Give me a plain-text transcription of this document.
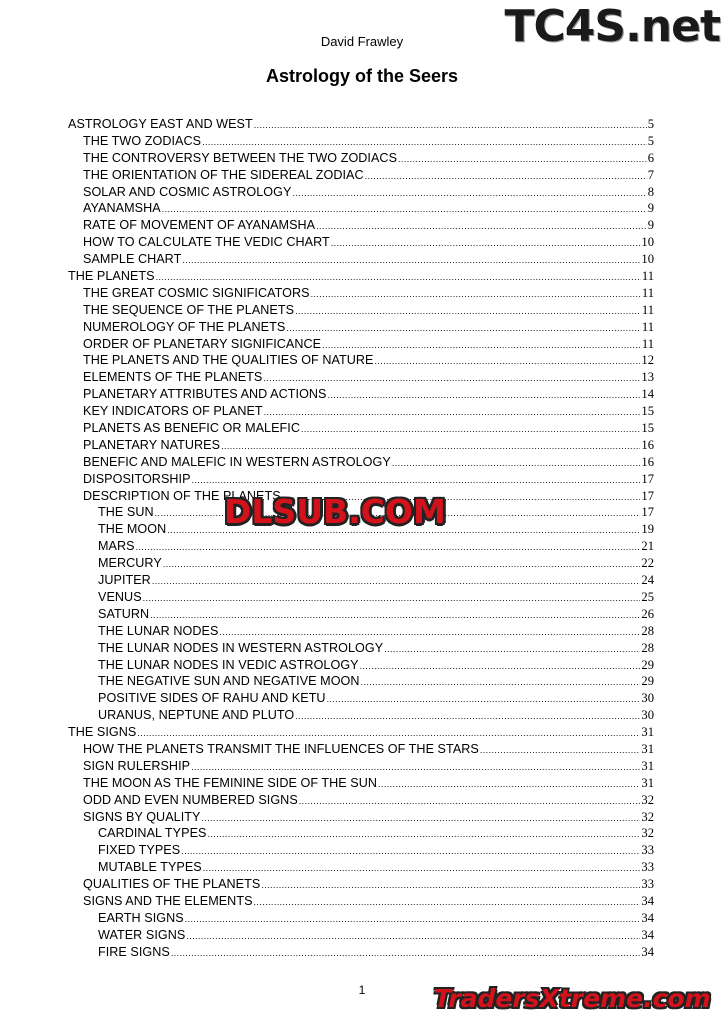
David Frawley
Astrology of the Seers
ASTROLOGY EAST AND WEST .....	5
THE TWO ZODIACS .....	5
THE CONTROVERSY BETWEEN THE TWO ZODIACS .....	6
THE ORIENTATION OF THE SIDEREAL ZODIAC .....	7
SOLAR AND COSMIC ASTROLOGY .....	8
AYANAMSHA .....	9
RATE OF MOVEMENT OF AYANAMSHA .....	9
HOW TO CALCULATE THE VEDIC CHART .....	10
SAMPLE CHART .....	10
THE PLANETS .....	11
THE GREAT COSMIC SIGNIFICATORS .....	11
THE SEQUENCE OF THE PLANETS .....	11
NUMEROLOGY OF THE PLANETS .....	11
ORDER OF PLANETARY SIGNIFICANCE .....	11
THE PLANETS AND THE QUALITIES OF NATURE .....	12
ELEMENTS OF THE PLANETS .....	13
PLANETARY ATTRIBUTES AND ACTIONS .....	14
KEY INDICATORS OF PLANET .....	15
PLANETS AS BENEFIC OR MALEFIC .....	15
PLANETARY NATURES .....	16
BENEFIC AND MALEFIC IN WESTERN ASTROLOGY .....	16
DISPOSITORSHIP .....	17
DESCRIPTION OF THE PLANETS .....	17
THE SUN .....	17
THE MOON .....	19
MARS .....	21
MERCURY .....	22
JUPITER .....	24
VENUS .....	25
SATURN .....	26
THE LUNAR NODES .....	28
THE LUNAR NODES IN WESTERN ASTROLOGY .....	28
THE LUNAR NODES IN VEDIC ASTROLOGY .....	29
THE NEGATIVE SUN AND NEGATIVE MOON .....	29
POSITIVE SIDES OF RAHU AND KETU .....	30
URANUS, NEPTUNE AND PLUTO .....	30
THE SIGNS .....	31
HOW THE PLANETS TRANSMIT THE INFLUENCES OF THE STARS .....	31
SIGN RULERSHIP .....	31
THE MOON AS THE FEMININE SIDE OF THE SUN .....	31
ODD AND EVEN NUMBERED SIGNS .....	32
SIGNS BY QUALITY .....	32
CARDINAL TYPES .....	32
FIXED TYPES .....	33
MUTABLE TYPES .....	33
QUALITIES OF THE PLANETS .....	33
SIGNS AND THE ELEMENTS .....	34
EARTH SIGNS .....	34
WATER SIGNS .....	34
FIRE SIGNS .....	34
1
TC4S.net
DLSUB.COM
TradersXtreme.com
